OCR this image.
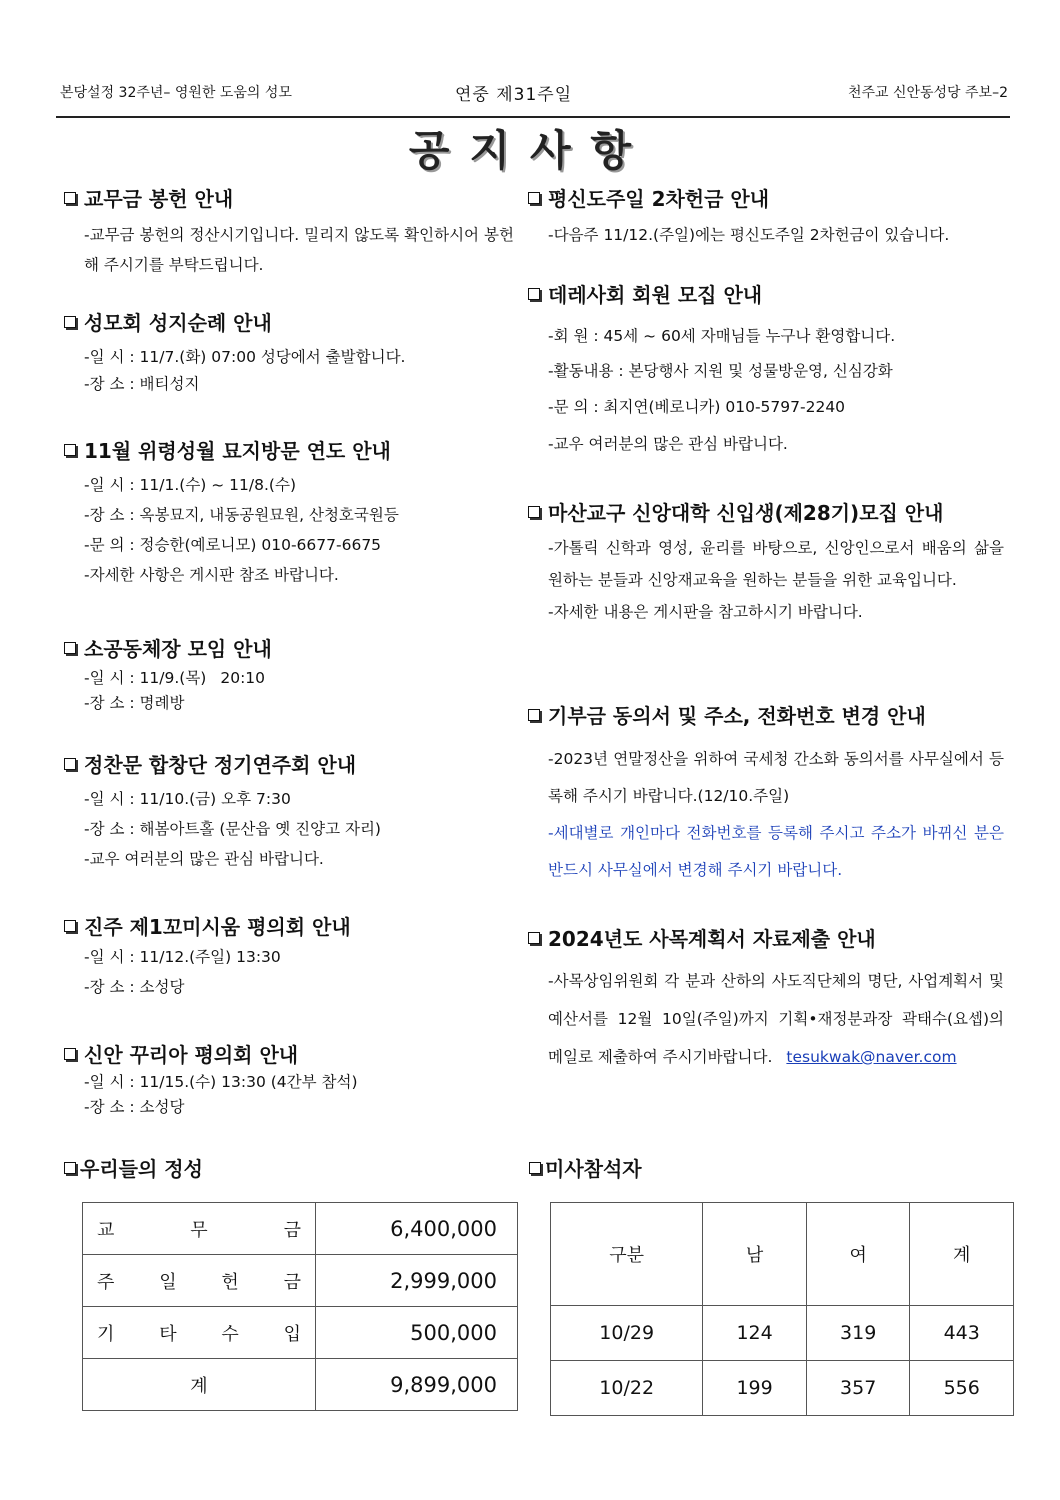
본당설정 32주년– 영원한 도움의 성모	연중 제31주일	천주교 신안동성당 주보–2
공지사항
교무금 봉헌 안내
-교무금 봉헌의 정산시기입니다. 밀리지 않도록 확인하시어 봉헌해 주시기를 부탁드립니다.
성모회 성지순례 안내
-일 시 : 11/7.(화) 07:00 성당에서 출발합니다.
-장 소 : 배티성지
11월 위령성월 묘지방문 연도 안내
-일 시 : 11/1.(수) ~ 11/8.(수)
-장 소 : 옥봉묘지, 내동공원묘원, 산청호국원등
-문 의 : 정승한(예로니모) 010-6677-6675
-자세한 사항은 게시판 참조 바랍니다.
소공동체장 모임 안내
-일 시 : 11/9.(목) 20:10
-장 소 : 명례방
정찬문 합창단 정기연주회 안내
-일 시 : 11/10.(금) 오후 7:30
-장 소 : 해봄아트홀 (문산읍 옛 진양고 자리)
-교우 여러분의 많은 관심 바랍니다.
진주 제1꼬미시움 평의회 안내
-일 시 : 11/12.(주일) 13:30
-장 소 : 소성당
신안 꾸리아 평의회 안내
-일 시 : 11/15.(수) 13:30 (4간부 참석)
-장 소 : 소성당
평신도주일 2차헌금 안내
-다음주 11/12.(주일)에는 평신도주일 2차헌금이 있습니다.
데레사회 회원 모집 안내
-회 원 : 45세 ~ 60세 자매님들 누구나 환영합니다.
-활동내용 : 본당행사 지원 및 성물방운영, 신심강화
-문 의 : 최지연(베로니카) 010-5797-2240
-교우 여러분의 많은 관심 바랍니다.
마산교구 신앙대학 신입생(제28기)모집 안내
-가톨릭 신학과 영성, 윤리를 바탕으로, 신앙인으로서 배움의 삶을 원하는 분들과 신앙재교육을 원하는 분들을 위한 교육입니다.
-자세한 내용은 게시판을 참고하시기 바랍니다.
기부금 동의서 및 주소, 전화번호 변경 안내
-2023년 연말정산을 위하여 국세청 간소화 동의서를 사무실에서 등록해 주시기 바랍니다.(12/10.주일)
-세대별로 개인마다 전화번호를 등록해 주시고 주소가 바뀌신 분은 반드시 사무실에서 변경해 주시기 바랍니다.
2024년도 사목계획서 자료제출 안내
-사목상임위원회 각 분과 산하의 사도직단체의 명단, 사업계획서 및 예산서를 12월 10일(주일)까지 기획•재정분과장 곽태수(요셉)의 메일로 제출하여 주시기바랍니다. tesukwak@naver.com
우리들의 정성
교 무 금	6,400,000

주 일 헌 금	2,999,000

기 타 수 입	500,000
계	9,899,000
미사참석자
구분	남	여	계
10/29	124	319	443
10/22	199	357	556
